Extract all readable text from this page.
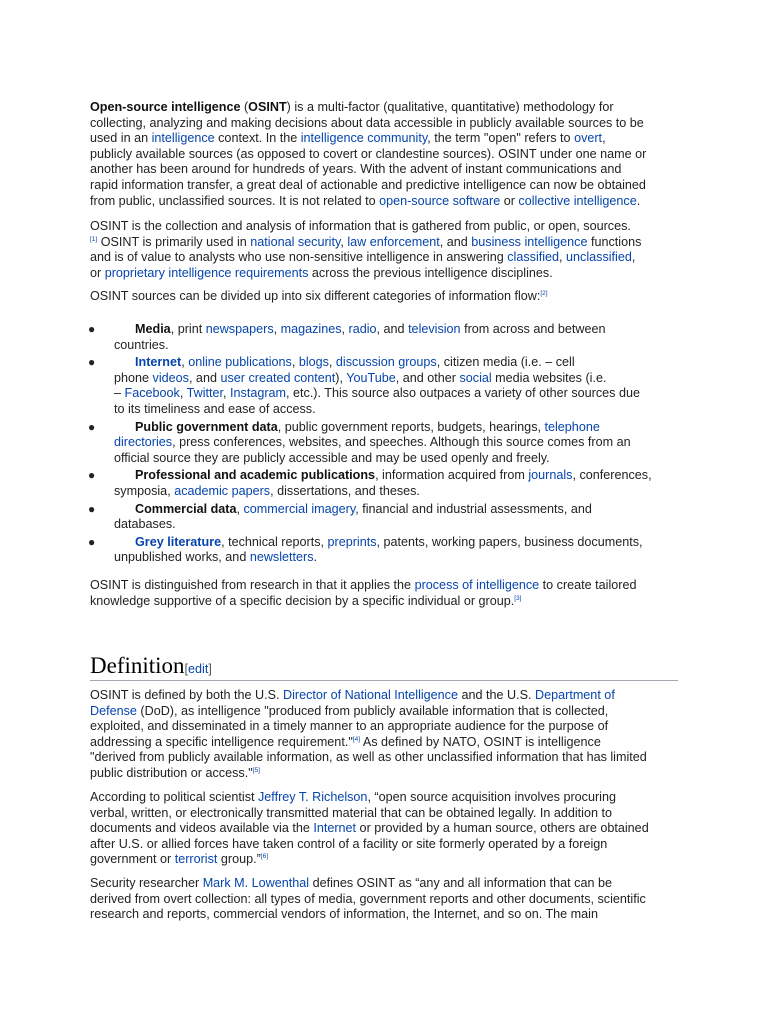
Open-source intelligence (OSINT) is a multi-factor (qualitative, quantitative) methodology for
collecting, analyzing and making decisions about data accessible in publicly available sources to be
used in an intelligence context. In the intelligence community, the term "open" refers to overt,
publicly available sources (as opposed to covert or clandestine sources). OSINT under one name or
another has been around for hundreds of years. With the advent of instant communications and
rapid information transfer, a great deal of actionable and predictive intelligence can now be obtained
from public, unclassified sources. It is not related to open-source software or collective intelligence.

OSINT is the collection and analysis of information that is gathered from public, or open, sources.
[1] OSINT is primarily used in national security, law enforcement, and business intelligence functions
and is of value to analysts who use non-sensitive intelligence in answering classified, unclassified,
or proprietary intelligence requirements across the previous intelligence disciplines.

OSINT sources can be divided up into six different categories of information flow:[2]

●	Media, print newspapers, magazines, radio, and television from across and between
countries.
●	Internet, online publications, blogs, discussion groups, citizen media (i.e. – cell
phone videos, and user created content), YouTube, and other social media websites (i.e.
– Facebook, Twitter, Instagram, etc.). This source also outpaces a variety of other sources due
to its timeliness and ease of access.
●	Public government data, public government reports, budgets, hearings, telephone
directories, press conferences, websites, and speeches. Although this source comes from an
official source they are publicly accessible and may be used openly and freely.
●	Professional and academic publications, information acquired from journals, conferences,
symposia, academic papers, dissertations, and theses.
●	Commercial data, commercial imagery, financial and industrial assessments, and
databases.
●	Grey literature, technical reports, preprints, patents, working papers, business documents,
unpublished works, and newsletters.

OSINT is distinguished from research in that it applies the process of intelligence to create tailored
knowledge supportive of a specific decision by a specific individual or group.[3]

Definition[edit]

OSINT is defined by both the U.S. Director of National Intelligence and the U.S. Department of
Defense (DoD), as intelligence "produced from publicly available information that is collected,
exploited, and disseminated in a timely manner to an appropriate audience for the purpose of
addressing a specific intelligence requirement."[4] As defined by NATO, OSINT is intelligence
"derived from publicly available information, as well as other unclassified information that has limited
public distribution or access."[5]

According to political scientist Jeffrey T. Richelson, “open source acquisition involves procuring
verbal, written, or electronically transmitted material that can be obtained legally. In addition to
documents and videos available via the Internet or provided by a human source, others are obtained
after U.S. or allied forces have taken control of a facility or site formerly operated by a foreign
government or terrorist group.”[6]

Security researcher Mark M. Lowenthal defines OSINT as “any and all information that can be
derived from overt collection: all types of media, government reports and other documents, scientific
research and reports, commercial vendors of information, the Internet, and so on. The main
